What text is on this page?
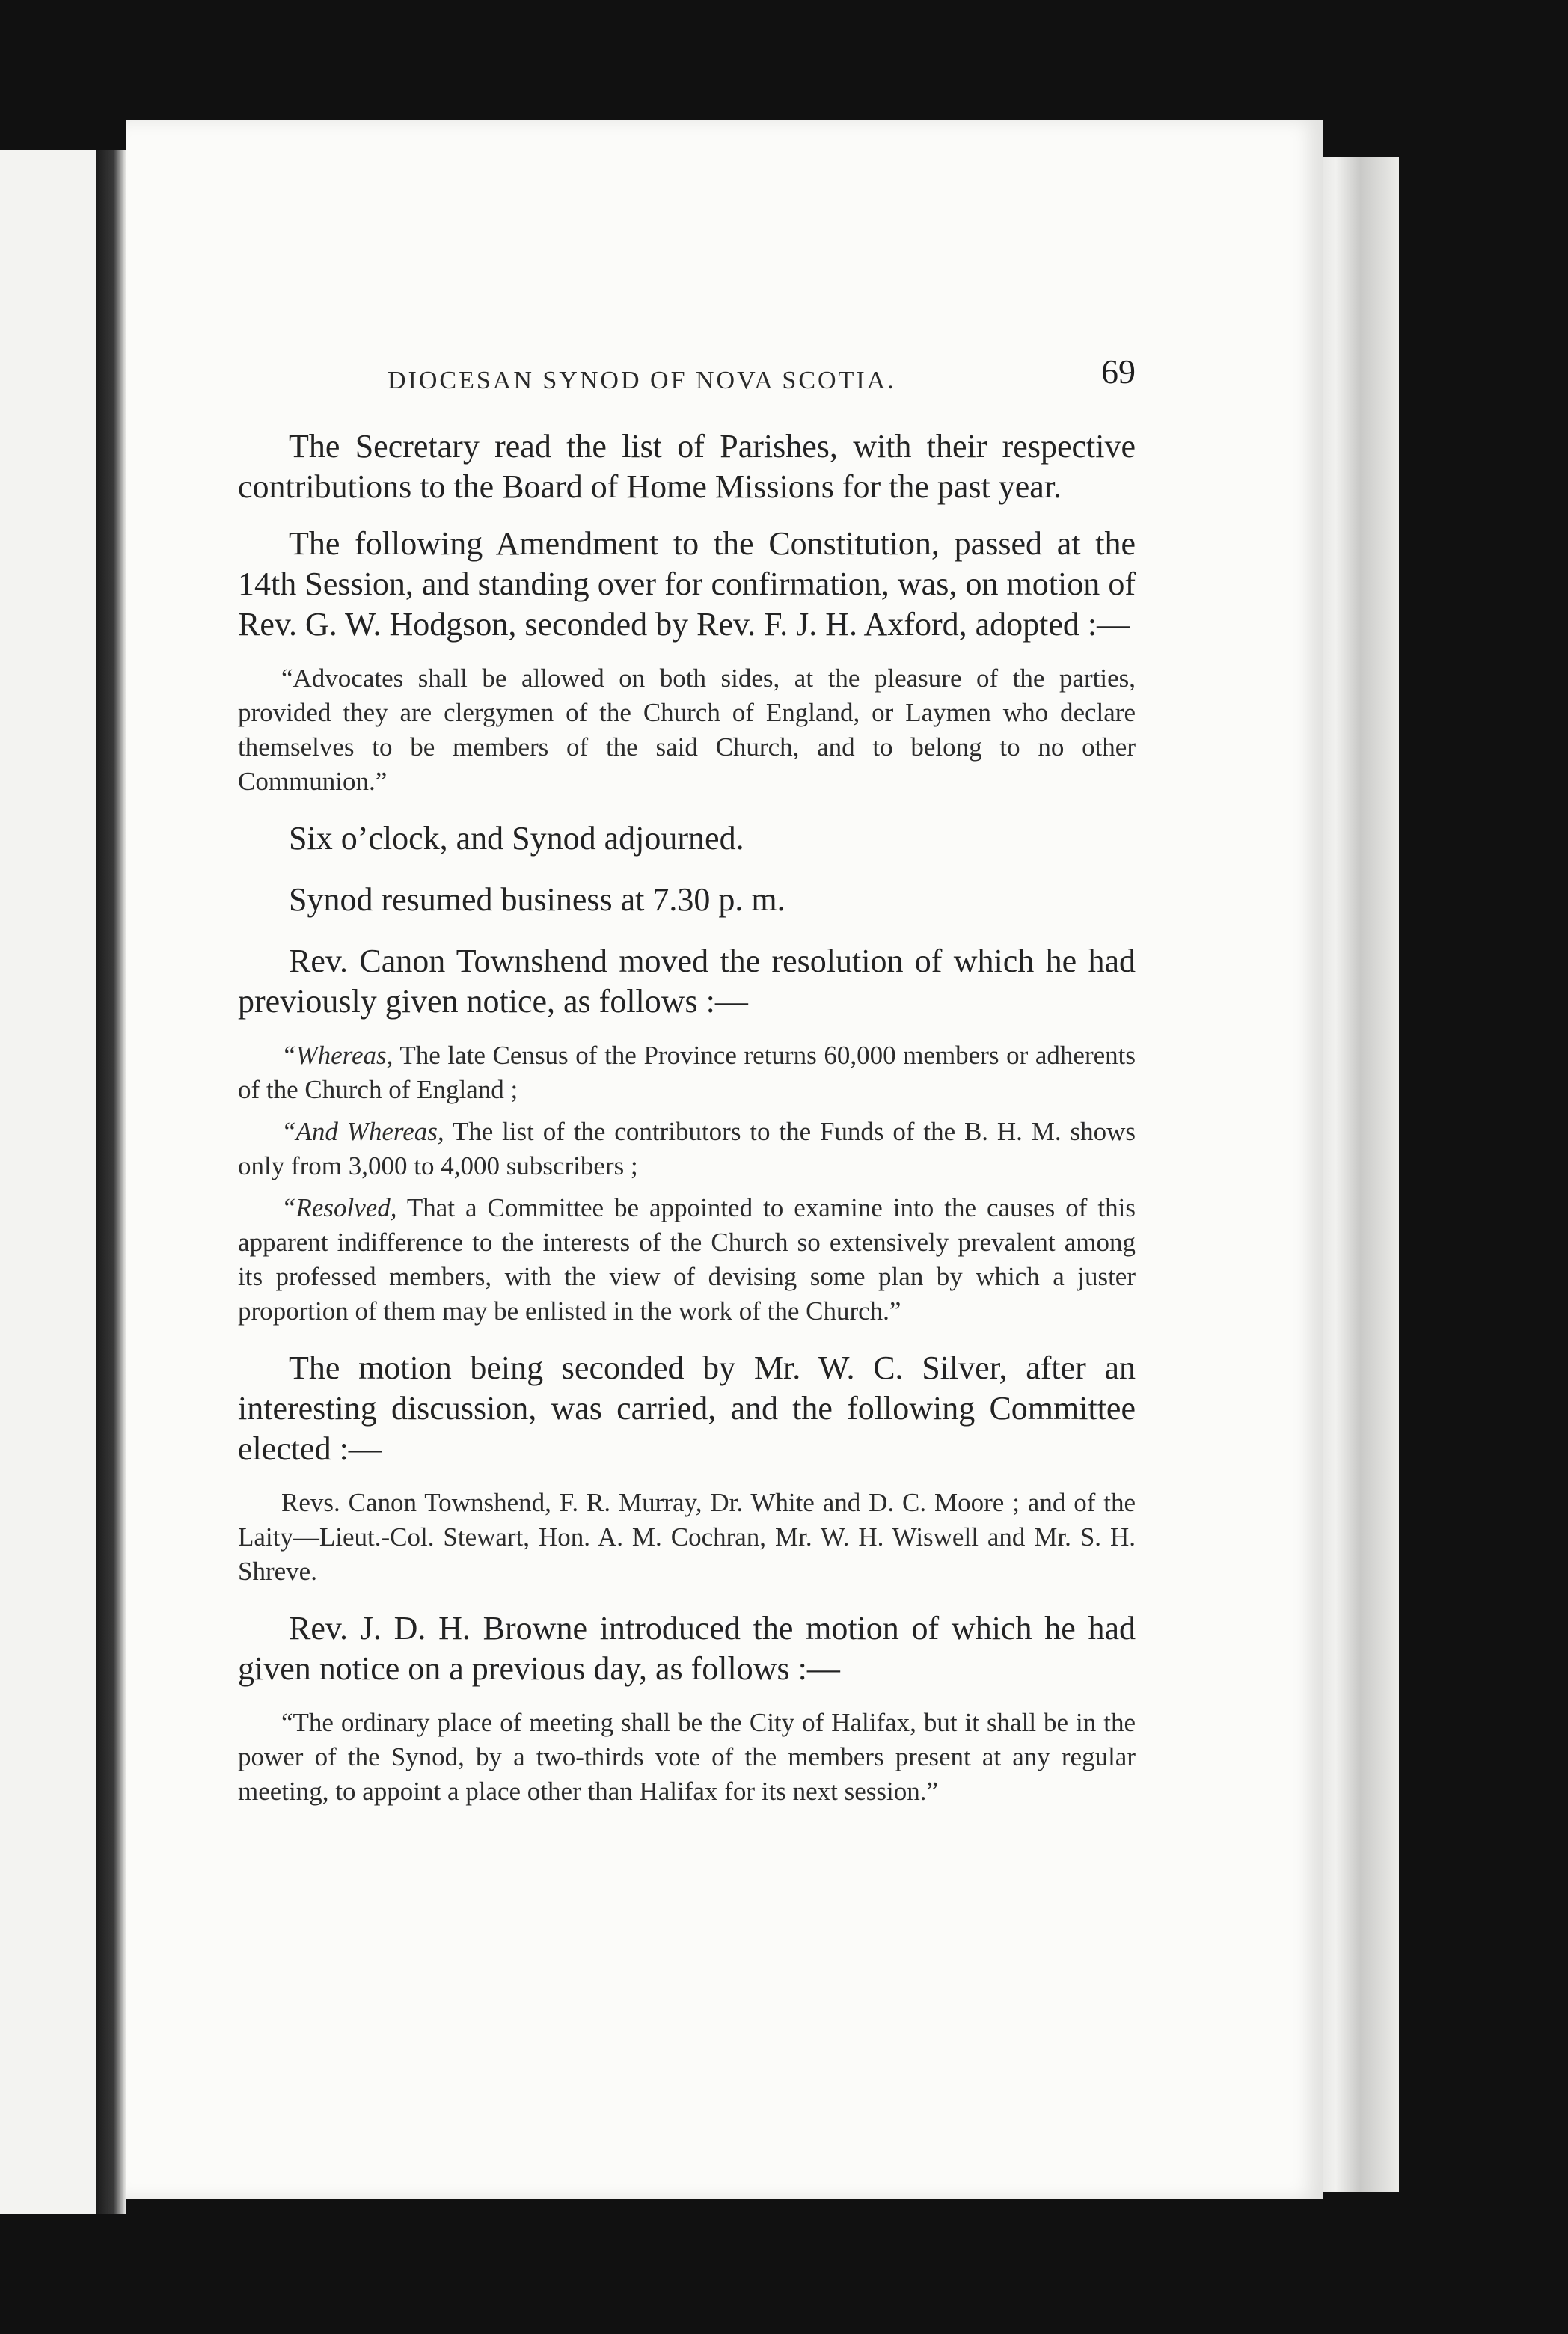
DIOCESAN SYNOD OF NOVA SCOTIA.	69

The Secretary read the list of Parishes, with their respective contributions to the Board of Home Missions for the past year.

The following Amendment to the Constitution, passed at the 14th Session, and standing over for confirmation, was, on motion of Rev. G. W. Hodgson, seconded by Rev. F. J. H. Axford, adopted :—

“Advocates shall be allowed on both sides, at the pleasure of the parties, provided they are clergymen of the Church of England, or Laymen who declare themselves to be members of the said Church, and to belong to no other Communion.”

Six o’clock, and Synod adjourned.

Synod resumed business at 7.30 p. m.

Rev. Canon Townshend moved the resolution of which he had previously given notice, as follows :—

“Whereas, The late Census of the Province returns 60,000 members or adherents of the Church of England ;

“And Whereas, The list of the contributors to the Funds of the B. H. M. shows only from 3,000 to 4,000 subscribers ;

“Resolved, That a Committee be appointed to examine into the causes of this apparent indifference to the interests of the Church so extensively prevalent among its professed members, with the view of devising some plan by which a juster proportion of them may be enlisted in the work of the Church.”

The motion being seconded by Mr. W. C. Silver, after an interesting discussion, was carried, and the following Committee elected :—

Revs. Canon Townshend, F. R. Murray, Dr. White and D. C. Moore ; and of the Laity—Lieut.-Col. Stewart, Hon. A. M. Cochran, Mr. W. H. Wiswell and Mr. S. H. Shreve.

Rev. J. D. H. Browne introduced the motion of which he had given notice on a previous day, as follows :—

“The ordinary place of meeting shall be the City of Halifax, but it shall be in the power of the Synod, by a two-thirds vote of the members present at any regular meeting, to appoint a place other than Halifax for its next session.”
